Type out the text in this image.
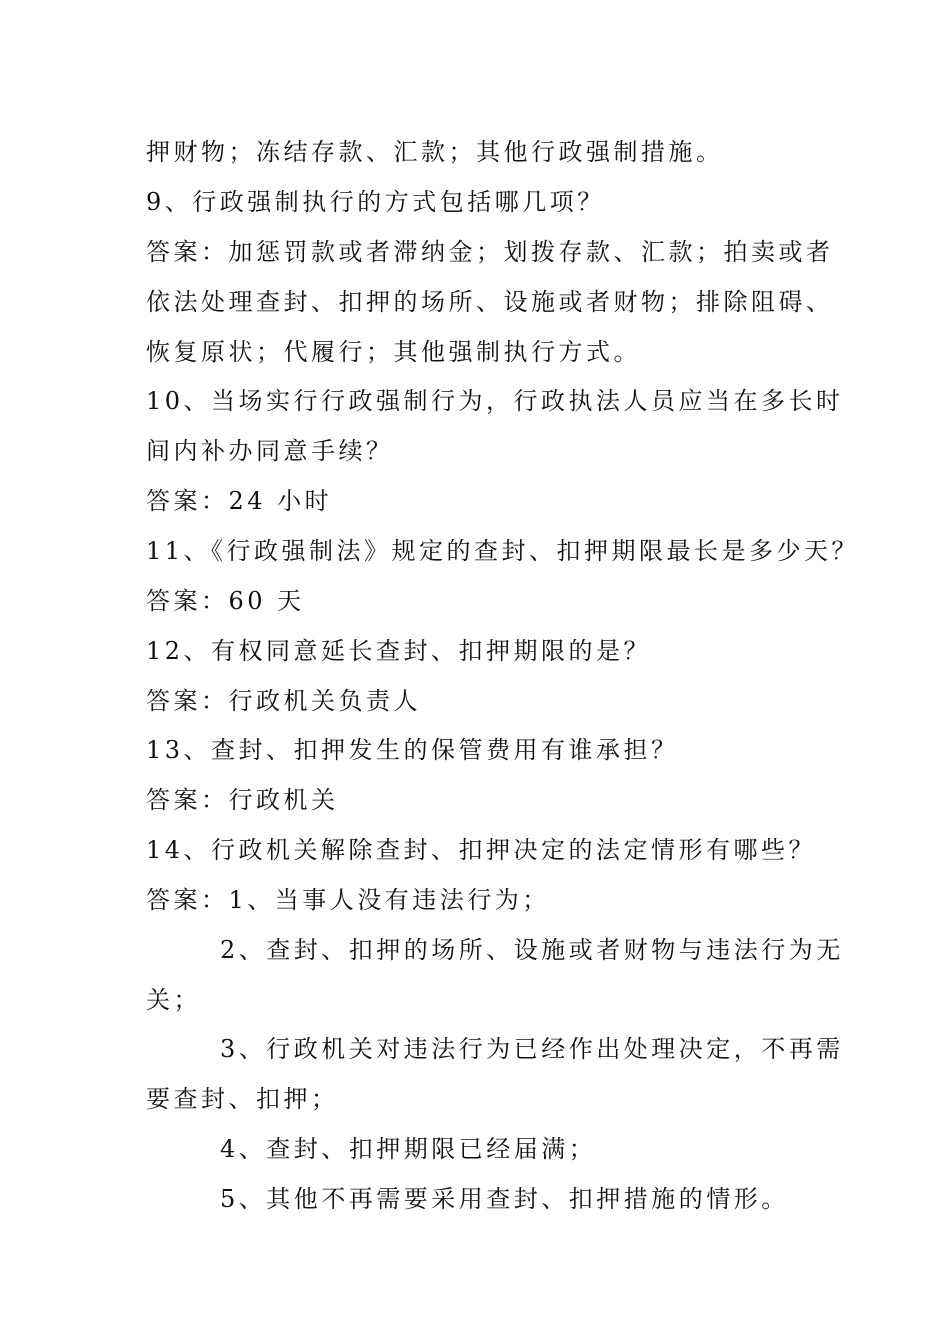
押财物；冻结存款、汇款；其他行政强制措施。
9、行政强制执行的方式包括哪几项？
答案：加惩罚款或者滞纳金；划拨存款、汇款；拍卖或者
依法处理查封、扣押的场所、设施或者财物；排除阻碍、
恢复原状；代履行；其他强制执行方式。
10、当场实行行政强制行为，行政执法人员应当在多长时
间内补办同意手续？
答案：24 小时
11、《行政强制法》规定的查封、扣押期限最长是多少天？
答案：60 天
12、有权同意延长查封、扣押期限的是？
答案：行政机关负责人
13、查封、扣押发生的保管费用有谁承担？
答案：行政机关
14、行政机关解除查封、扣押决定的法定情形有哪些？
答案：1、当事人没有违法行为；
2、查封、扣押的场所、设施或者财物与违法行为无
关；
3、行政机关对违法行为已经作出处理决定，不再需
要查封、扣押；
4、查封、扣押期限已经届满；
5、其他不再需要采用查封、扣押措施的情形。
